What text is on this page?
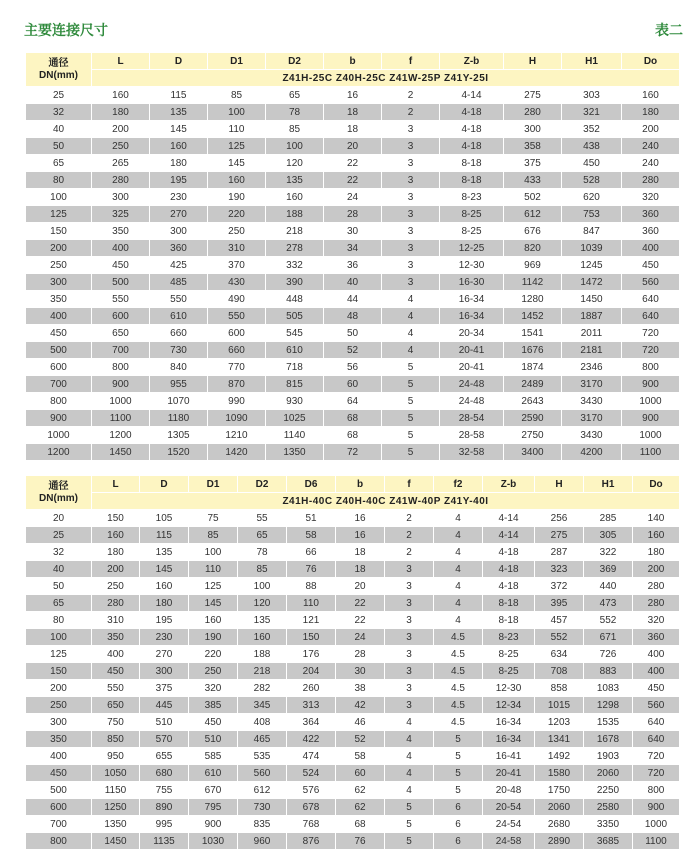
主要连接尺寸	表二
通径
DN(mm)	L	D	D1	D2	b	f	Z-b	H	H1	Do
	Z41H-25C Z40H-25C Z41W-25P Z41Y-25I									
25	160	115	85	65	16	2	4-14	275	303	160
32	180	135	100	78	18	2	4-18	280	321	180
40	200	145	110	85	18	3	4-18	300	352	200
50	250	160	125	100	20	3	4-18	358	438	240
65	265	180	145	120	22	3	8-18	375	450	240
80	280	195	160	135	22	3	8-18	433	528	280
100	300	230	190	160	24	3	8-23	502	620	320
125	325	270	220	188	28	3	8-25	612	753	360
150	350	300	250	218	30	3	8-25	676	847	360
200	400	360	310	278	34	3	12-25	820	1039	400
250	450	425	370	332	36	3	12-30	969	1245	450
300	500	485	430	390	40	3	16-30	1142	1472	560
350	550	550	490	448	44	4	16-34	1280	1450	640
400	600	610	550	505	48	4	16-34	1452	1887	640
450	650	660	600	545	50	4	20-34	1541	2011	720
500	700	730	660	610	52	4	20-41	1676	2181	720
600	800	840	770	718	56	5	20-41	1874	2346	800
700	900	955	870	815	60	5	24-48	2489	3170	900
800	1000	1070	990	930	64	5	24-48	2643	3430	1000
900	1100	1180	1090	1025	68	5	28-54	2590	3170	900
1000	1200	1305	1210	1140	68	5	28-58	2750	3430	1000
1200	1450	1520	1420	1350	72	5	32-58	3400	4200	1100
通径
DN(mm)	L	D	D1	D2	D6	b	f	f2	Z-b	H	H1	Do
	Z41H-40C Z40H-40C Z41W-40P Z41Y-40I											
20	150	105	75	55	51	16	2	4	4-14	256	285	140
25	160	115	85	65	58	16	2	4	4-14	275	305	160
32	180	135	100	78	66	18	2	4	4-18	287	322	180
40	200	145	110	85	76	18	3	4	4-18	323	369	200
50	250	160	125	100	88	20	3	4	4-18	372	440	280
65	280	180	145	120	110	22	3	4	8-18	395	473	280
80	310	195	160	135	121	22	3	4	8-18	457	552	320
100	350	230	190	160	150	24	3	4.5	8-23	552	671	360
125	400	270	220	188	176	28	3	4.5	8-25	634	726	400
150	450	300	250	218	204	30	3	4.5	8-25	708	883	400
200	550	375	320	282	260	38	3	4.5	12-30	858	1083	450
250	650	445	385	345	313	42	3	4.5	12-34	1015	1298	560
300	750	510	450	408	364	46	4	4.5	16-34	1203	1535	640
350	850	570	510	465	422	52	4	5	16-34	1341	1678	640
400	950	655	585	535	474	58	4	5	16-41	1492	1903	720
450	1050	680	610	560	524	60	4	5	20-41	1580	2060	720
500	1150	755	670	612	576	62	4	5	20-48	1750	2250	800
600	1250	890	795	730	678	62	5	6	20-54	2060	2580	900
700	1350	995	900	835	768	68	5	6	24-54	2680	3350	1000
800	1450	1135	1030	960	876	76	5	6	24-58	2890	3685	1100
